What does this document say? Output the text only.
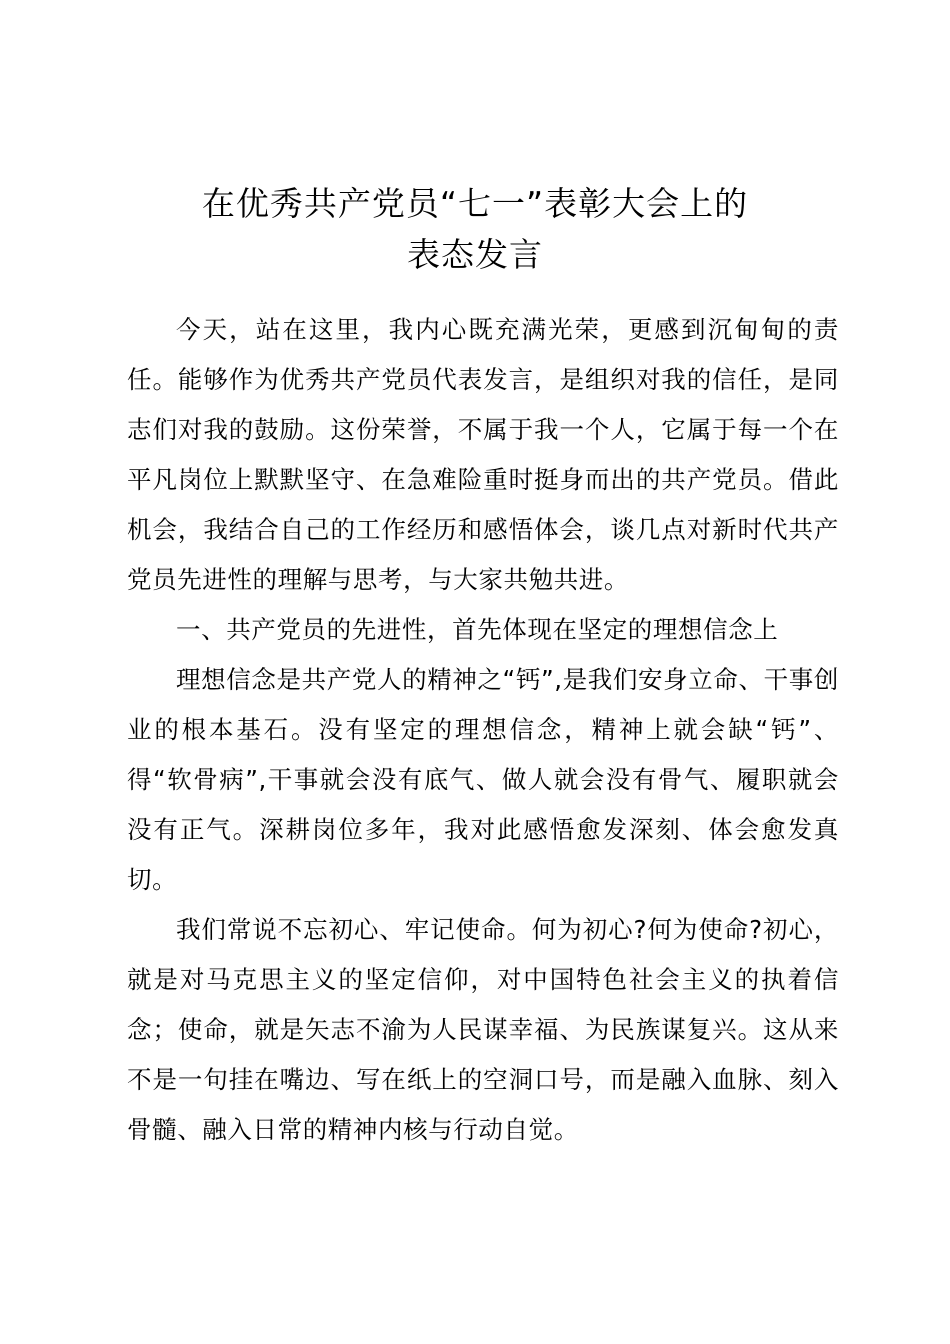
在优秀共产党员“七一”表彰大会上的
表态发言

今天，站在这里，我内心既充满光荣，更感到沉甸甸的责任。能够作为优秀共产党员代表发言，是组织对我的信任，是同志们对我的鼓励。这份荣誉，不属于我一个人，它属于每一个在平凡岗位上默默坚守、在急难险重时挺身而出的共产党员。借此机会，我结合自己的工作经历和感悟体会，谈几点对新时代共产党员先进性的理解与思考，与大家共勉共进。

一、共产党员的先进性，首先体现在坚定的理想信念上

理想信念是共产党人的精神之“钙”,是我们安身立命、干事创业的根本基石。没有坚定的理想信念，精神上就会缺“钙”、得“软骨病”,干事就会没有底气、做人就会没有骨气、履职就会没有正气。深耕岗位多年，我对此感悟愈发深刻、体会愈发真切。

我们常说不忘初心、牢记使命。何为初心?何为使命?初心，就是对马克思主义的坚定信仰，对中国特色社会主义的执着信念；使命，就是矢志不渝为人民谋幸福、为民族谋复兴。这从来不是一句挂在嘴边、写在纸上的空洞口号，而是融入血脉、刻入骨髓、融入日常的精神内核与行动自觉。
